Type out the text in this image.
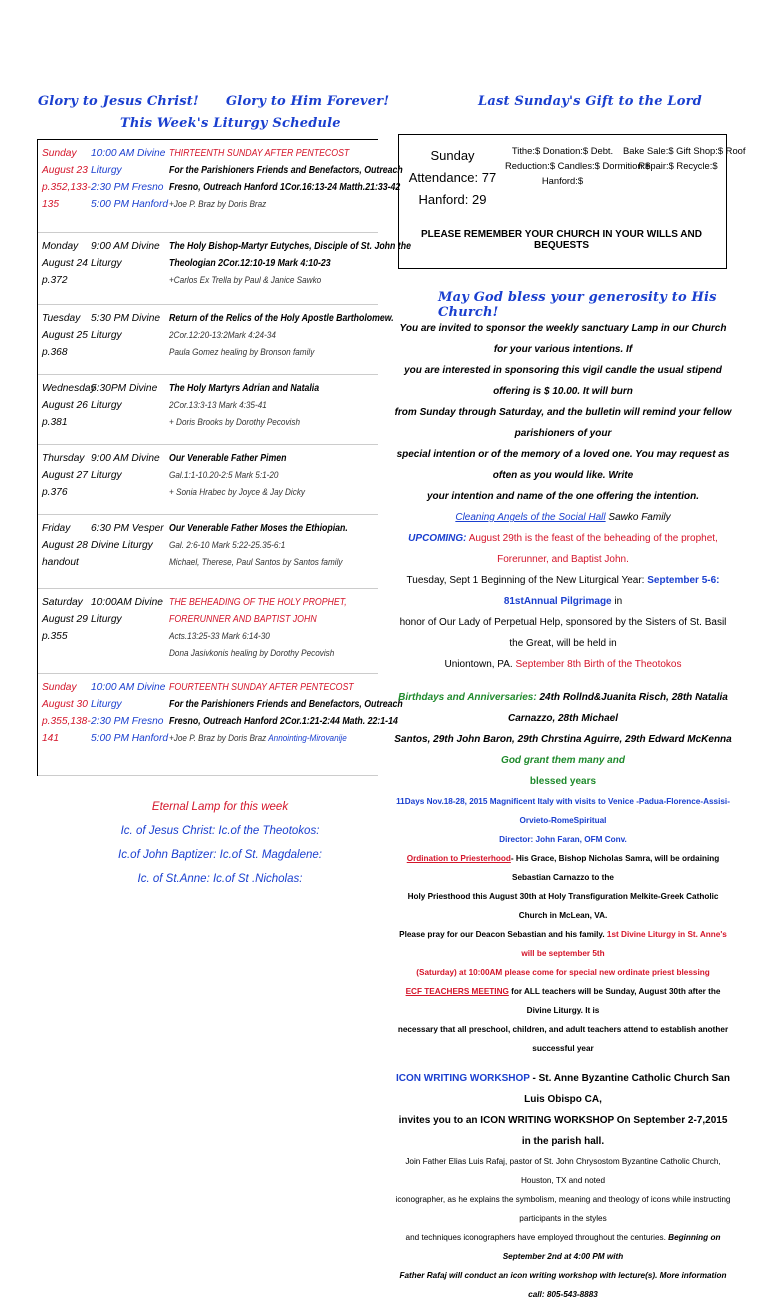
Glory to Jesus Christ! Glory to Him Forever!
This Week's Liturgy Schedule
Last Sunday's Gift to the Lord
May God bless your generosity to His Church!
Sunday
August 23
p.352,133-
135
10:00 AM Divine
Liturgy
2:30 PM Fresno
5:00 PM Hanford
THIRTEENTH SUNDAY AFTER PENTECOST
For the Parishioners Friends and Benefactors, Outreach
Fresno, Outreach Hanford 1Cor.16:13-24 Matth.21:33-42
+Joe P. Braz by Doris Braz
Monday
August 24
p.372
9:00 AM Divine
Liturgy
The Holy Bishop-Martyr Eutyches, Disciple of St. John the
Theologian 2Cor.12:10-19 Mark 4:10-23
+Carlos Ex Trella by Paul & Janice Sawko
Tuesday
August 25
p.368
5:30 PM Divine
Liturgy
Return of the Relics of the Holy Apostle Bartholomew.
2Cor.12:20-13:2Mark 4:24-34
Paula Gomez healing by Bronson family
Wednesday
August 26
p.381
5:30PM Divine
Liturgy
The Holy Martyrs Adrian and Natalia
2Cor.13:3-13 Mark 4:35-41
+ Doris Brooks by Dorothy Pecovish
Thursday
August 27
p.376
9:00 AM Divine
Liturgy
Our Venerable Father Pimen
Gal.1:1-10.20-2:5 Mark 5:1-20
+ Sonia Hrabec by Joyce & Jay Dicky
Friday
August 28
handout
6:30 PM Vesper
Divine Liturgy
Our Venerable Father Moses the Ethiopian.
Gal. 2:6-10 Mark 5:22-25.35-6:1
Michael, Therese, Paul Santos by Santos family
Saturday
August 29
p.355
10:00AM Divine
Liturgy
THE BEHEADING OF THE HOLY PROPHET,
FORERUNNER AND BAPTIST JOHN
Acts.13:25-33 Mark 6:14-30
Dona Jasivkonis healing by Dorothy Pecovish
Sunday
August 30
p.355,138-
141
10:00 AM Divine
Liturgy
2:30 PM Fresno
5:00 PM Hanford
FOURTEENTH SUNDAY AFTER PENTECOST
For the Parishioners Friends and Benefactors, Outreach
Fresno, Outreach Hanford 2Cor.1:21-2:44 Math. 22:1-14
+Joe P. Braz by Doris Braz Annointing-Mirovanije
Eternal Lamp for this week
Ic. of Jesus Christ: Ic.of the Theotokos:
Ic.of John Baptizer: Ic.of St. Magdalene:
Ic. of St.Anne: Ic.of St .Nicholas:
Sunday Attendance: 77
Hanford: 29
Tithe:$ Donation:$ Debt.
Reduction:$ Candles:$ Dormition:$
Hanford:$
Bake Sale:$ Gift Shop:$ Roof
Repair:$ Recycle:$
PLEASE REMEMBER YOUR CHURCH IN YOUR WILLS AND BEQUESTS
You are invited to sponsor the weekly sanctuary Lamp in our Church for your various intentions. If
you are interested in sponsoring this vigil candle the usual stipend offering is $ 10.00. It will burn
from Sunday through Saturday, and the bulletin will remind your fellow parishioners of your
special intention or of the memory of a loved one. You may request as often as you would like. Write
your intention and name of the one offering the intention.
Cleaning Angels of the Social Hall Sawko Family
UPCOMING: August 29th is the feast of the beheading of the prophet, Forerunner, and Baptist John.
Tuesday, Sept 1 Beginning of the New Liturgical Year: September 5-6: 81stAnnual Pilgrimage in
honor of Our Lady of Perpetual Help, sponsored by the Sisters of St. Basil the Great, will be held in
Uniontown, PA. September 8th Birth of the Theotokos
Birthdays and Anniversaries: 24th Rollnd&Juanita Risch, 28th Natalia Carnazzo, 28th Michael
Santos, 29th John Baron, 29th Chrstina Aguirre, 29th Edward McKenna God grant them many and
blessed years
11Days Nov.18-28, 2015 Magnificent Italy with visits to Venice -Padua-Florence-Assisi-Orvieto-RomeSpiritual
Director: John Faran, OFM Conv.
Ordination to Priesterhood- His Grace, Bishop Nicholas Samra, will be ordaining Sebastian Carnazzo to the
Holy Priesthood this August 30th at Holy Transfiguration Melkite-Greek Catholic Church in McLean, VA.
Please pray for our Deacon Sebastian and his family. 1st Divine Liturgy in St. Anne's will be september 5th
(Saturday) at 10:00AM please come for special new ordinate priest blessing
ECF TEACHERS MEETING for ALL teachers will be Sunday, August 30th after the Divine Liturgy. It is
necessary that all preschool, children, and adult teachers attend to establish another successful year
ICON WRITING WORKSHOP - St. Anne Byzantine Catholic Church San Luis Obispo CA,
invites you to an ICON WRITING WORKSHOP On September 2-7,2015 in the parish hall.
Join Father Elias Luis Rafaj, pastor of St. John Chrysostom Byzantine Catholic Church, Houston, TX and noted
iconographer, as he explains the symbolism, meaning and theology of icons while instructing participants in the styles
and techniques iconographers have employed throughout the centuries. Beginning on September 2nd at 4:00 PM with
Father Rafaj will conduct an icon writing workshop with lecture(s). More information call: 805-543-8883
